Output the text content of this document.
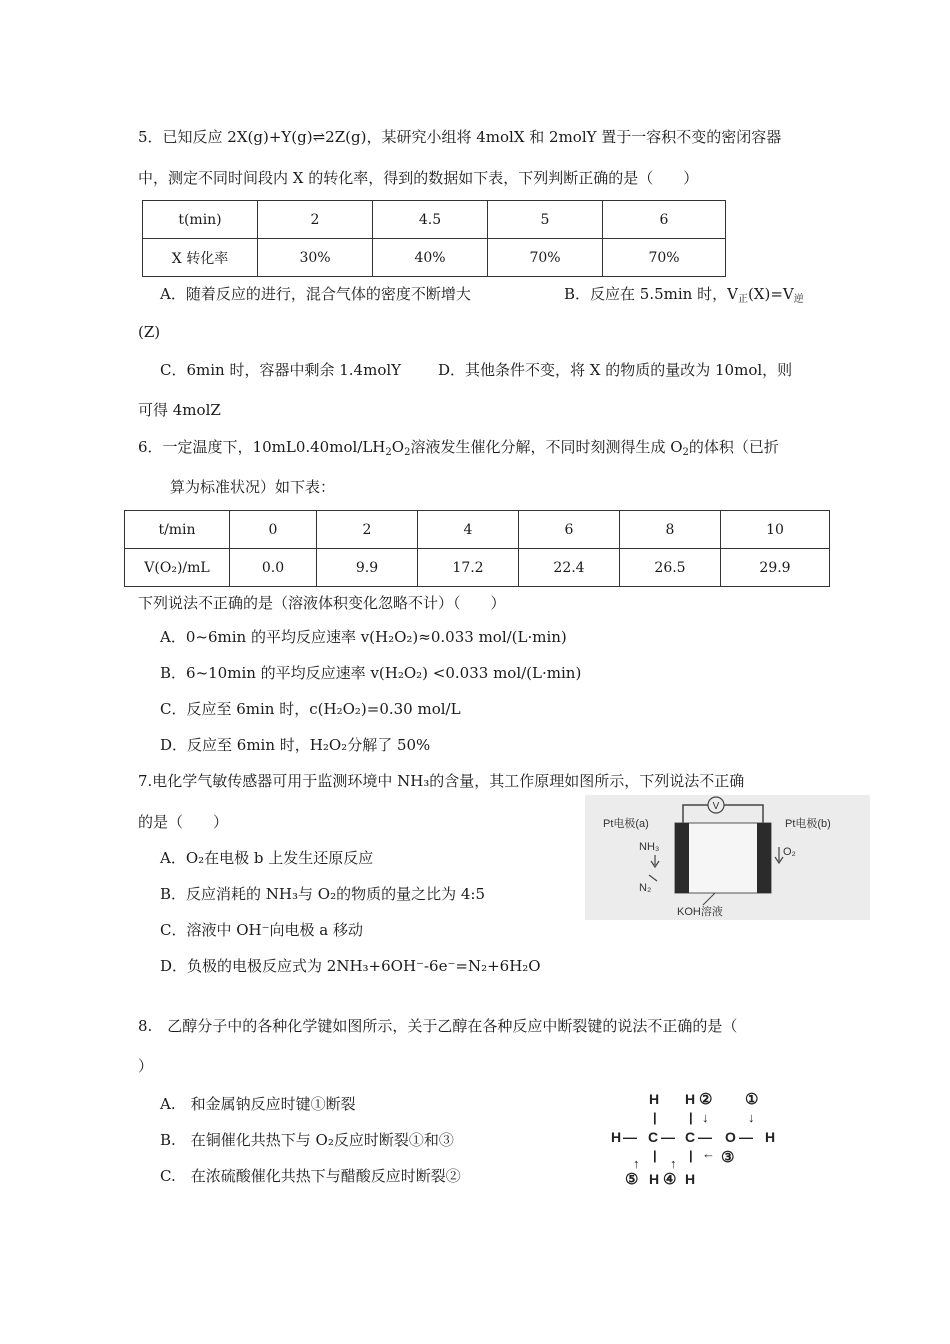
5．已知反应 2X(g)+Y(g)⇌2Z(g)，某研究小组将 4molX 和 2molY 置于一容积不变的密闭容器
中，测定不同时间段内 X 的转化率，得到的数据如下表，下列判断正确的是（　　）
t(min)	2	4.5	5	6
X 转化率	30%	40%	70%	70%
A．随着反应的进行，混合气体的密度不断增大	B．反应在 5.5min 时，$V_正(X)=V_逆$
(Z)
C．6min 时，容器中剩余 1.4molY D．其他条件不变，将 X 的物质的量改为 10mol，则
可得 4molZ
6．一定温度下，$10mL0.40mol/LH_2O_2$溶液发生催化分解，不同时刻测得生成 $O_2$的体积（已折
算为标准状况）如下表：
t/min	0	2	4	6	8	10
V(O₂)/mL	0.0	9.9	17.2	22.4	26.5	29.9
下列说法不正确的是（溶液体积变化忽略不计）（　　）
A．0~6min 的平均反应速率 v(H₂O₂)≈0.033 mol/(L·min)
B．6~10min 的平均反应速率 v(H₂O₂) <0.033 mol/(L·min)
C．反应至 6min 时，c(H₂O₂)=0.30 mol/L
D．反应至 6min 时，H₂O₂分解了 50%
7.电化学气敏传感器可用于监测环境中 NH₃的含量，其工作原理如图所示，下列说法不正确
的是（　　）
A．O₂在电极 b 上发生还原反应
B．反应消耗的 NH₃与 O₂的物质的量之比为 4:5
C．溶液中 OH⁻向电极 a 移动
D．负极的电极反应式为 2NH₃+6OH⁻-6e⁻=N₂+6H₂O
V
Pt电极(a)	Pt电极(b)
NH₃
N₂
O₂
KOH溶液
8.　乙醇分子中的各种化学键如图所示，关于乙醇在各种反应中断裂键的说法不正确的是（
）
A.　和金属钠反应时键①断裂
B.　在铜催化共热下与 O₂反应时断裂①和③
C.　在浓硫酸催化共热下与醋酸反应时断裂②
H H ② ①
| | ↓	↓
H — C — C — O — H
| |
↑ ↑
← ③
⑤ H ④ H
